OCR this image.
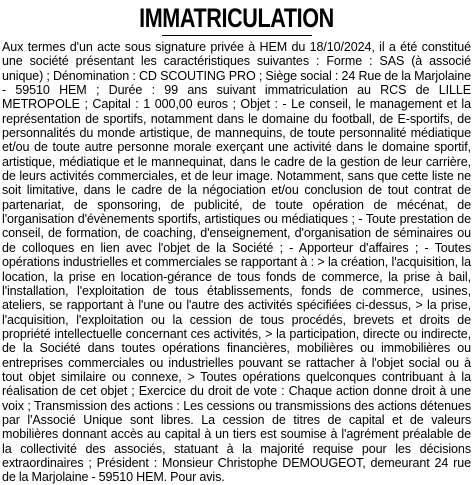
IMMATRICULATION

Aux termes d'un acte sous signature privée à HEM du 18/10/2024, il a été constitué une société présentant les caractéristiques suivantes : Forme : SAS (à associé unique) ; Dénomination : CD SCOUTING PRO ; Siège social : 24 Rue de la Marjolaine - 59510 HEM ; Durée : 99 ans suivant immatriculation au RCS de LILLE METROPOLE ; Capital : 1 000,00 euros ; Objet : - Le conseil, le management et la représentation de sportifs, notamment dans le domaine du football, de E-sportifs, de personnalités du monde artistique, de mannequins, de toute personnalité médiatique et/ou de toute autre personne morale exerçant une activité dans le domaine sportif, artistique, médiatique et le mannequinat, dans le cadre de la gestion de leur carrière, de leurs activités commerciales, et de leur image. Notamment, sans que cette liste ne soit limitative, dans le cadre de la négociation et/ou conclusion de tout contrat de partenariat, de sponsoring, de publicité, de toute opération de mécénat, de l'organisation d'évènements sportifs, artistiques ou médiatiques ; - Toute prestation de conseil, de formation, de coaching, d'enseignement, d'organisation de séminaires ou de colloques en lien avec l'objet de la Société ; - Apporteur d'affaires ; - Toutes opérations industrielles et commerciales se rapportant à : > la création, l'acquisition, la location, la prise en location-gérance de tous fonds de commerce, la prise à bail, l'installation, l'exploitation de tous établissements, fonds de commerce, usines, ateliers, se rapportant à l'une ou l'autre des activités spécifiées ci-dessus, > la prise, l'acquisition, l'exploitation ou la cession de tous procédés, brevets et droits de propriété intellectuelle concernant ces activités, > la participation, directe ou indirecte, de la Société dans toutes opérations financières, mobilières ou immobilières ou entreprises commerciales ou industrielles pouvant se rattacher à l'objet social ou à tout objet similaire ou connexe, > Toutes opérations quelconques contribuant à la réalisation de cet objet ; Exercice du droit de vote : Chaque action donne droit à une voix ; Transmission des actions : Les cessions ou transmissions des actions détenues par l'Associé Unique sont libres. La cession de titres de capital et de valeurs mobilières donnant accès au capital à un tiers est soumise à l'agrément préalable de la collectivité des associés, statuant à la majorité requise pour les décisions extraordinaires ; Président : Monsieur Christophe DEMOUGEOT, demeurant 24 rue de la Marjolaine - 59510 HEM. Pour avis.
